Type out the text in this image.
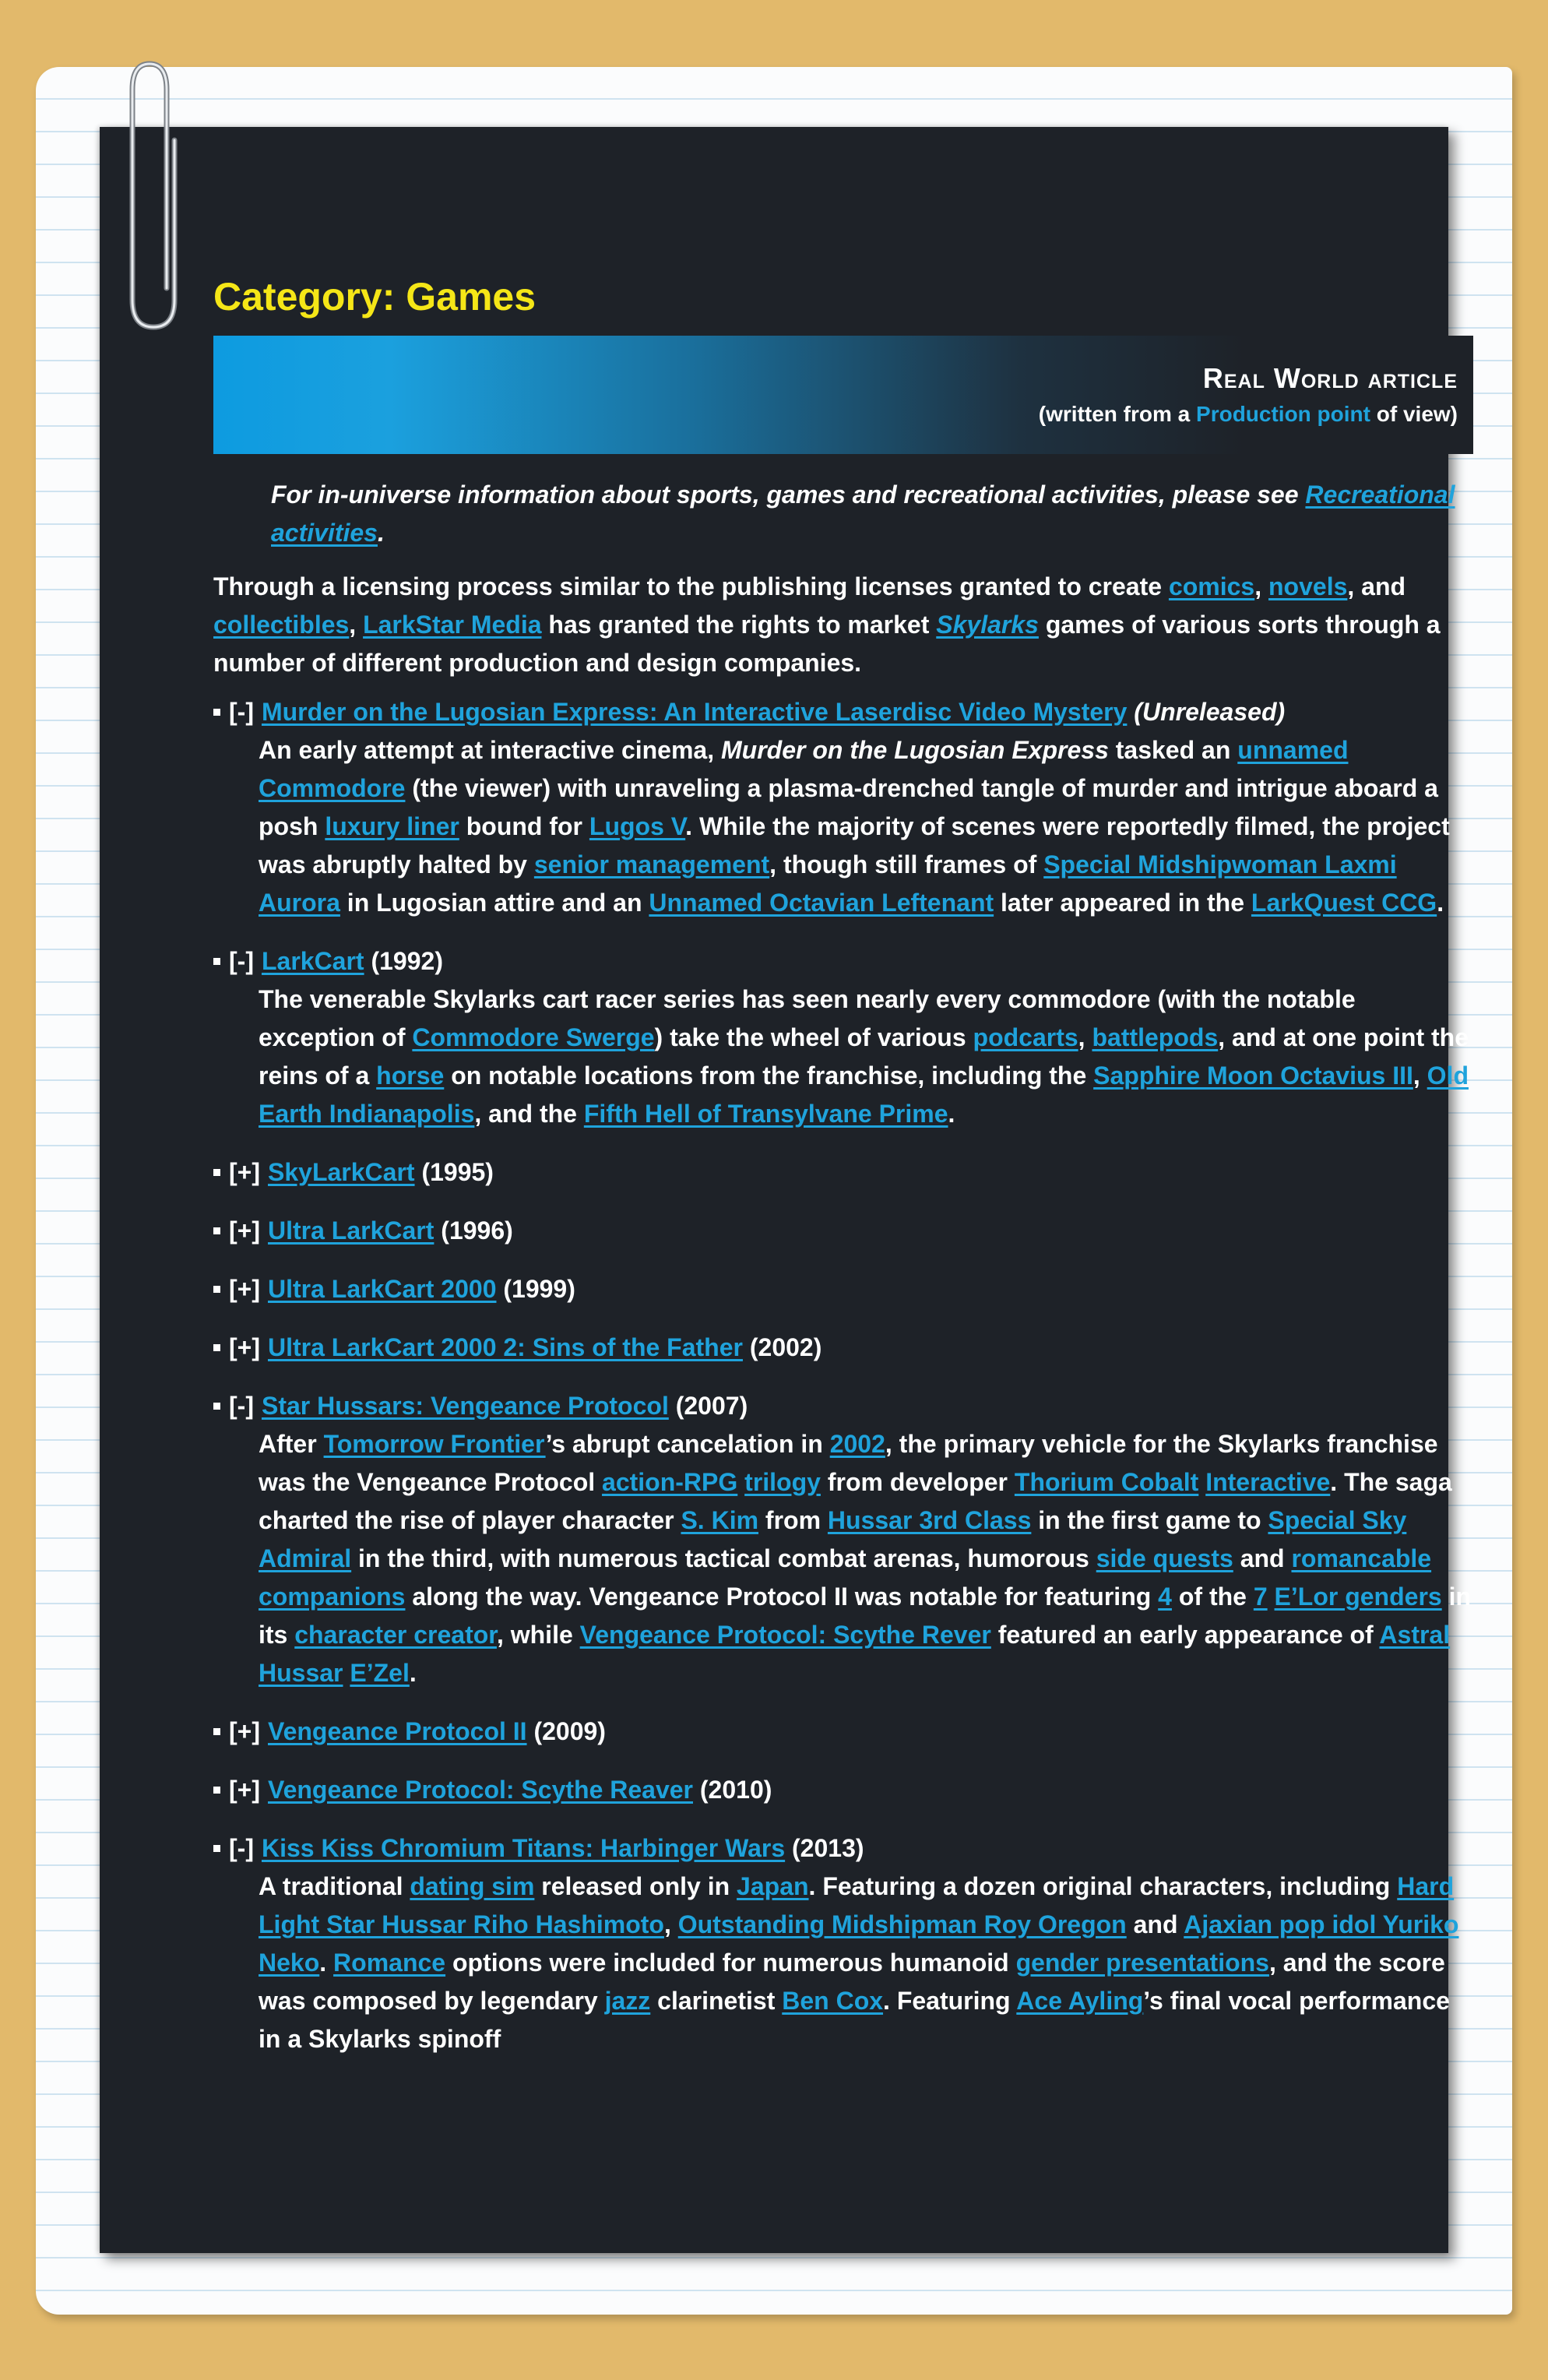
Category: Games
Real World article
(written from a Production point of view)
For in-universe information about sports, games and recreational activities, please see Recreational activities.
Through a licensing process similar to the publishing licenses granted to create comics, novels, and collectibles, LarkStar Media has granted the rights to market Skylarks games of various sorts through a number of different production and design companies.
[-] Murder on the Lugosian Express: An Interactive Laserdisc Video Mystery (Unreleased)
An early attempt at interactive cinema, Murder on the Lugosian Express tasked an unnamed Commodore (the viewer) with unraveling a plasma-drenched tangle of murder and intrigue aboard a posh luxury liner bound for Lugos V. While the majority of scenes were reportedly filmed, the project was abruptly halted by senior management, though still frames of Special Midshipwoman Laxmi Aurora in Lugosian attire and an Unnamed Octavian Leftenant later appeared in the LarkQuest CCG.
[-] LarkCart (1992)
The venerable Skylarks cart racer series has seen nearly every commodore (with the notable exception of Commodore Swerge) take the wheel of various podcarts, battlepods, and at one point the reins of a horse on notable locations from the franchise, including the Sapphire Moon Octavius III, Old Earth Indianapolis, and the Fifth Hell of Transylvane Prime.
[+] SkyLarkCart (1995)
[+] Ultra LarkCart (1996)
[+] Ultra LarkCart 2000 (1999)
[+] Ultra LarkCart 2000 2: Sins of the Father (2002)
[-] Star Hussars: Vengeance Protocol (2007)
After Tomorrow Frontier’s abrupt cancelation in 2002, the primary vehicle for the Skylarks franchise was the Vengeance Protocol action-RPG trilogy from developer Thorium Cobalt Interactive. The saga charted the rise of player character S. Kim from Hussar 3rd Class in the first game to Special Sky Admiral in the third, with numerous tactical combat arenas, humorous side quests and romancable companions along the way. Vengeance Protocol II was notable for featuring 4 of the 7 E’Lor genders in its character creator, while Vengeance Protocol: Scythe Rever featured an early appearance of Astral Hussar E’Zel.
[+] Vengeance Protocol II (2009)
[+] Vengeance Protocol: Scythe Reaver (2010)
[-] Kiss Kiss Chromium Titans: Harbinger Wars (2013)
A traditional dating sim released only in Japan. Featuring a dozen original characters, including Hard Light Star Hussar Riho Hashimoto, Outstanding Midshipman Roy Oregon and Ajaxian pop idol Yuriko Neko. Romance options were included for numerous humanoid gender presentations, and the score was composed by legendary jazz clarinetist Ben Cox. Featuring Ace Ayling’s final vocal performance in a Skylarks spinoff
